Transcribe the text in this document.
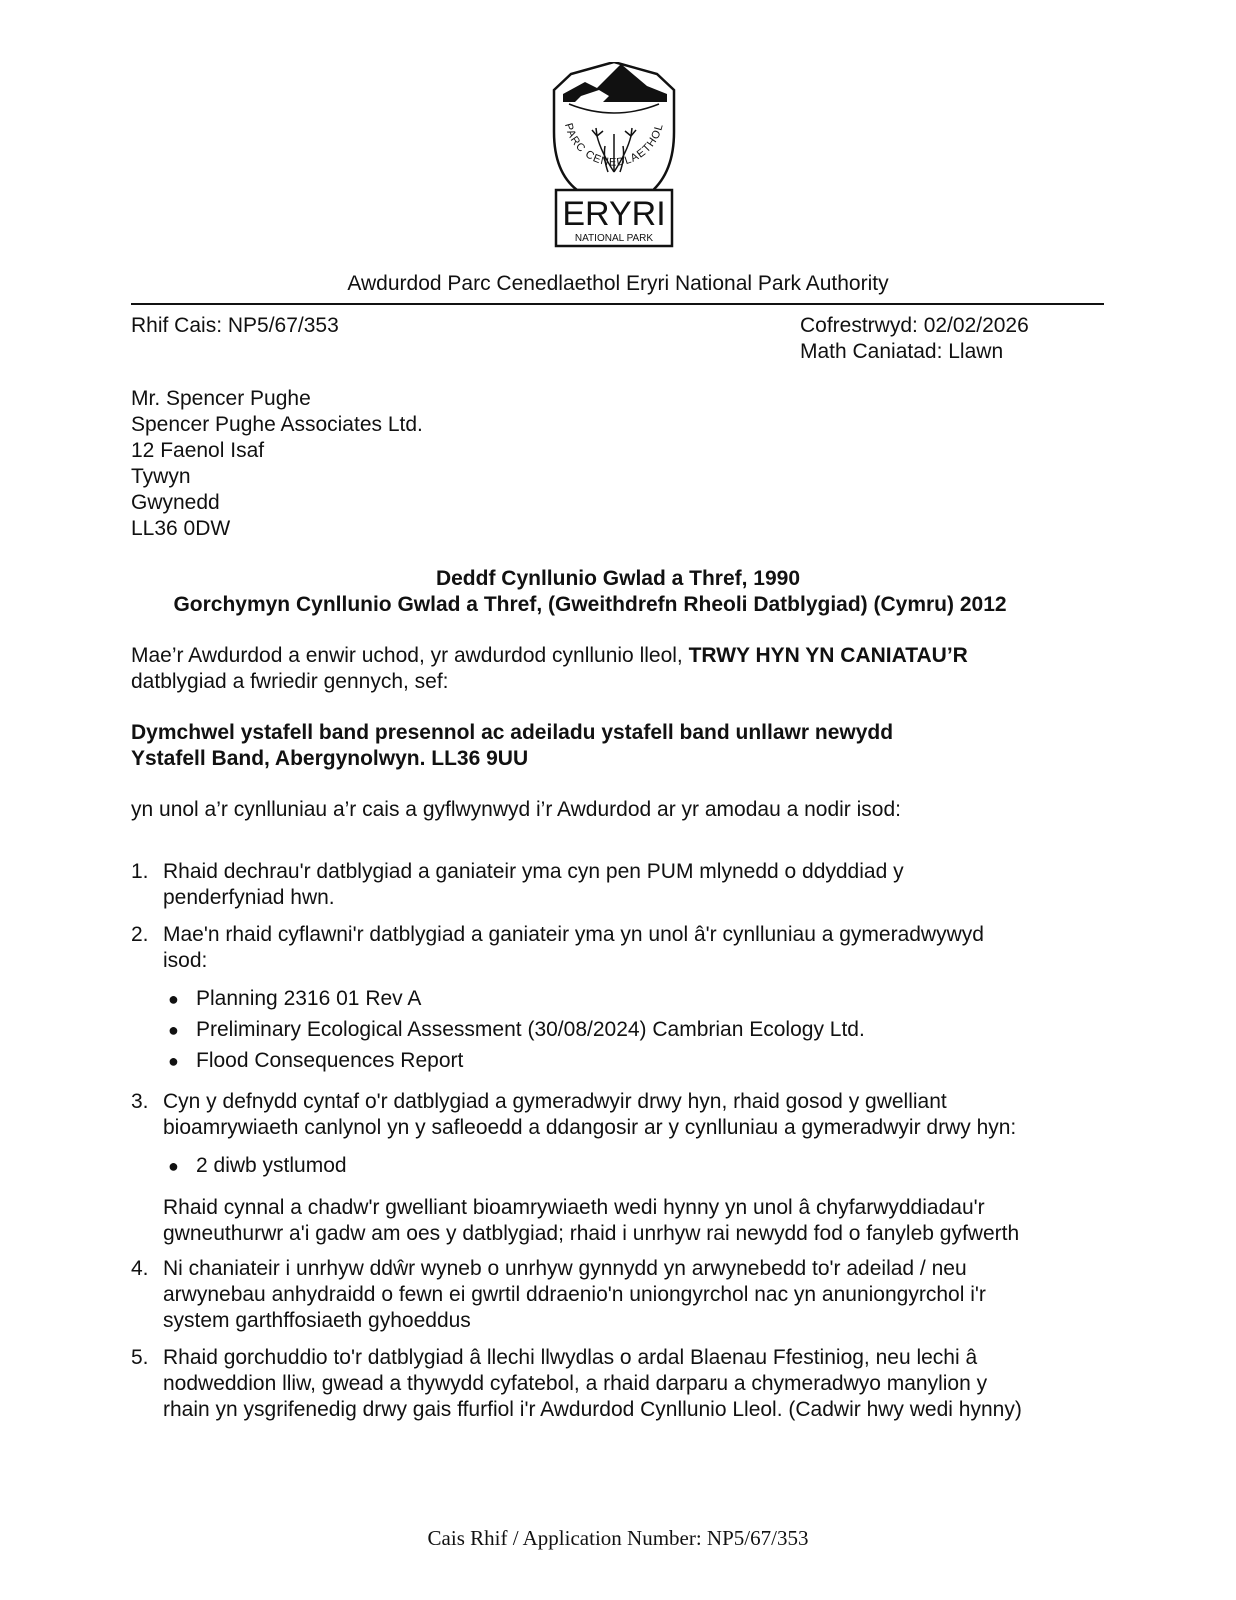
PARC CENEDLAETHOL
ERYRI
NATIONAL PARK
Awdurdod Parc Cenedlaethol Eryri National Park Authority
Rhif Cais: NP5/67/353	Cofrestrwyd: 02/02/2026
Math Caniatad: Llawn
Mr. Spencer Pughe
Spencer Pughe Associates Ltd.
12 Faenol Isaf
Tywyn
Gwynedd
LL36 0DW
Deddf Cynllunio Gwlad a Thref, 1990
Gorchymyn Cynllunio Gwlad a Thref, (Gweithdrefn Rheoli Datblygiad) (Cymru) 2012
Mae’r Awdurdod a enwir uchod, yr awdurdod cynllunio lleol, TRWY HYN YN CANIATAU’R
datblygiad a fwriedir gennych, sef:
Dymchwel ystafell band presennol ac adeiladu ystafell band unllawr newydd
Ystafell Band, Abergynolwyn. LL36 9UU
yn unol a’r cynlluniau a’r cais a gyflwynwyd i’r Awdurdod ar yr amodau a nodir isod:
1. Rhaid dechrau'r datblygiad a ganiateir yma cyn pen PUM mlynedd o ddyddiad y
penderfyniad hwn.
2. Mae'n rhaid cyflawni'r datblygiad a ganiateir yma yn unol â'r cynlluniau a gymeradwywyd
isod:
● Planning 2316 01 Rev A
● Preliminary Ecological Assessment (30/08/2024) Cambrian Ecology Ltd.
● Flood Consequences Report
3. Cyn y defnydd cyntaf o'r datblygiad a gymeradwyir drwy hyn, rhaid gosod y gwelliant
bioamrywiaeth canlynol yn y safleoedd a ddangosir ar y cynlluniau a gymeradwyir drwy hyn:
● 2 diwb ystlumod
Rhaid cynnal a chadw'r gwelliant bioamrywiaeth wedi hynny yn unol â chyfarwyddiadau'r
gwneuthurwr a'i gadw am oes y datblygiad; rhaid i unrhyw rai newydd fod o fanyleb gyfwerth
4. Ni chaniateir i unrhyw ddŵr wyneb o unrhyw gynnydd yn arwynebedd to'r adeilad / neu
arwynebau anhydraidd o fewn ei gwrtil ddraenio'n uniongyrchol nac yn anuniongyrchol i'r
system garthffosiaeth gyhoeddus
5. Rhaid gorchuddio to'r datblygiad â llechi llwydlas o ardal Blaenau Ffestiniog, neu lechi â
nodweddion lliw, gwead a thywydd cyfatebol, a rhaid darparu a chymeradwyo manylion y
rhain yn ysgrifenedig drwy gais ffurfiol i'r Awdurdod Cynllunio Lleol. (Cadwir hwy wedi hynny)
Cais Rhif / Application Number: NP5/67/353
